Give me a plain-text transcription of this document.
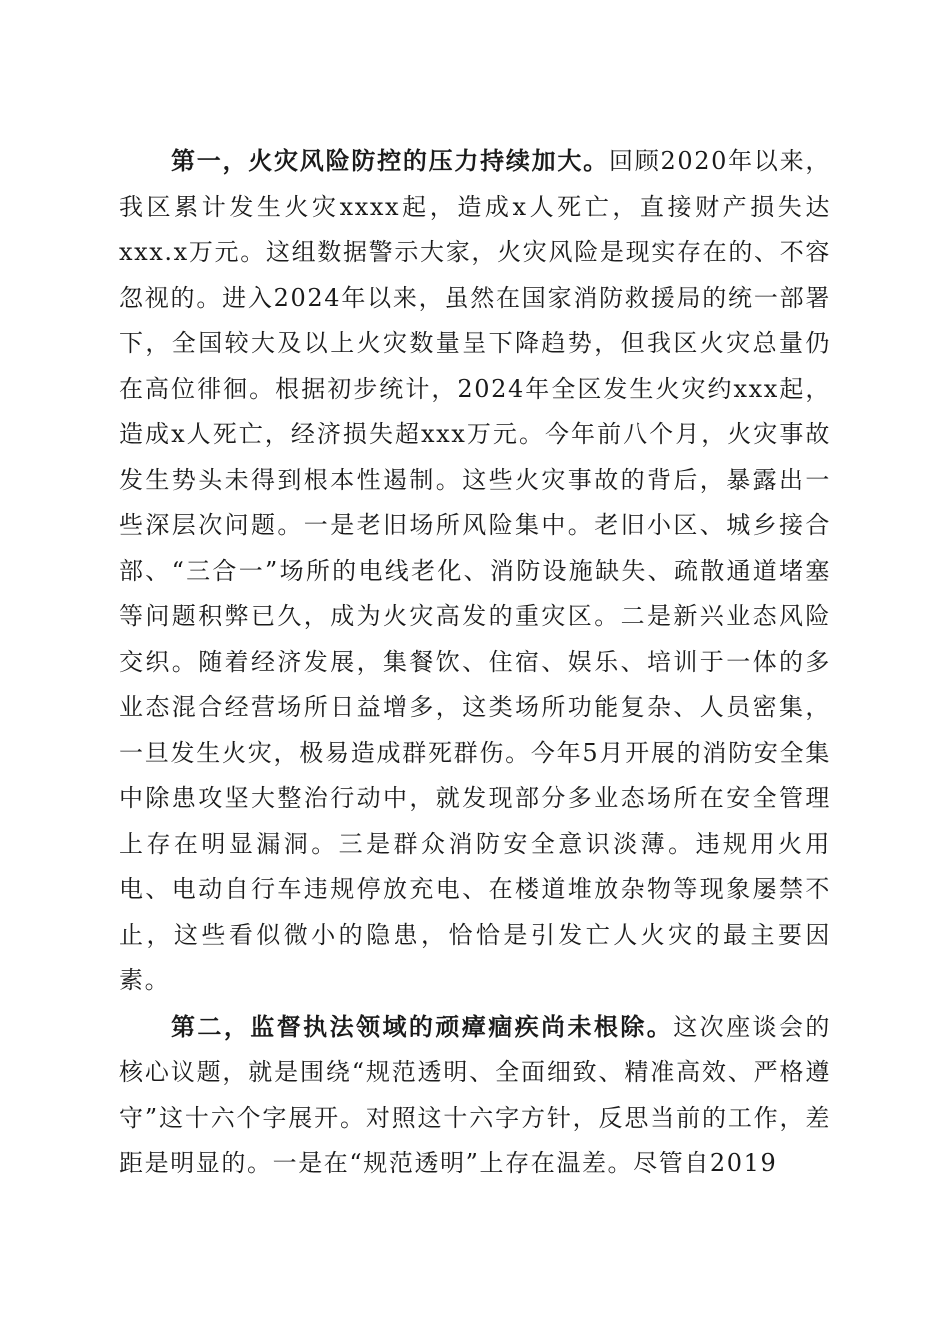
第一，火灾风险防控的压力持续加大。回顾2020年以来，我区累计发生火灾xxxx起，造成x人死亡，直接财产损失达xxx.x万元。这组数据警示大家，火灾风险是现实存在的、不容忽视的。进入2024年以来，虽然在国家消防救援局的统一部署下，全国较大及以上火灾数量呈下降趋势，但我区火灾总量仍在高位徘徊。根据初步统计，2024年全区发生火灾约xxx起，造成x人死亡，经济损失超xxx万元。今年前八个月，火灾事故发生势头未得到根本性遏制。这些火灾事故的背后，暴露出一些深层次问题。一是老旧场所风险集中。老旧小区、城乡接合部、“三合一”场所的电线老化、消防设施缺失、疏散通道堵塞等问题积弊已久，成为火灾高发的重灾区。二是新兴业态风险交织。随着经济发展，集餐饮、住宿、娱乐、培训于一体的多业态混合经营场所日益增多，这类场所功能复杂、人员密集，一旦发生火灾，极易造成群死群伤。今年5月开展的消防安全集中除患攻坚大整治行动中，就发现部分多业态场所在安全管理上存在明显漏洞。三是群众消防安全意识淡薄。违规用火用电、电动自行车违规停放充电、在楼道堆放杂物等现象屡禁不止，这些看似微小的隐患，恰恰是引发亡人火灾的最主要因素。

第二，监督执法领域的顽瘴痼疾尚未根除。这次座谈会的核心议题，就是围绕“规范透明、全面细致、精准高效、严格遵守”这十六个字展开。对照这十六字方针，反思当前的工作，差距是明显的。一是在“规范透明”上存在温差。尽管自2019
